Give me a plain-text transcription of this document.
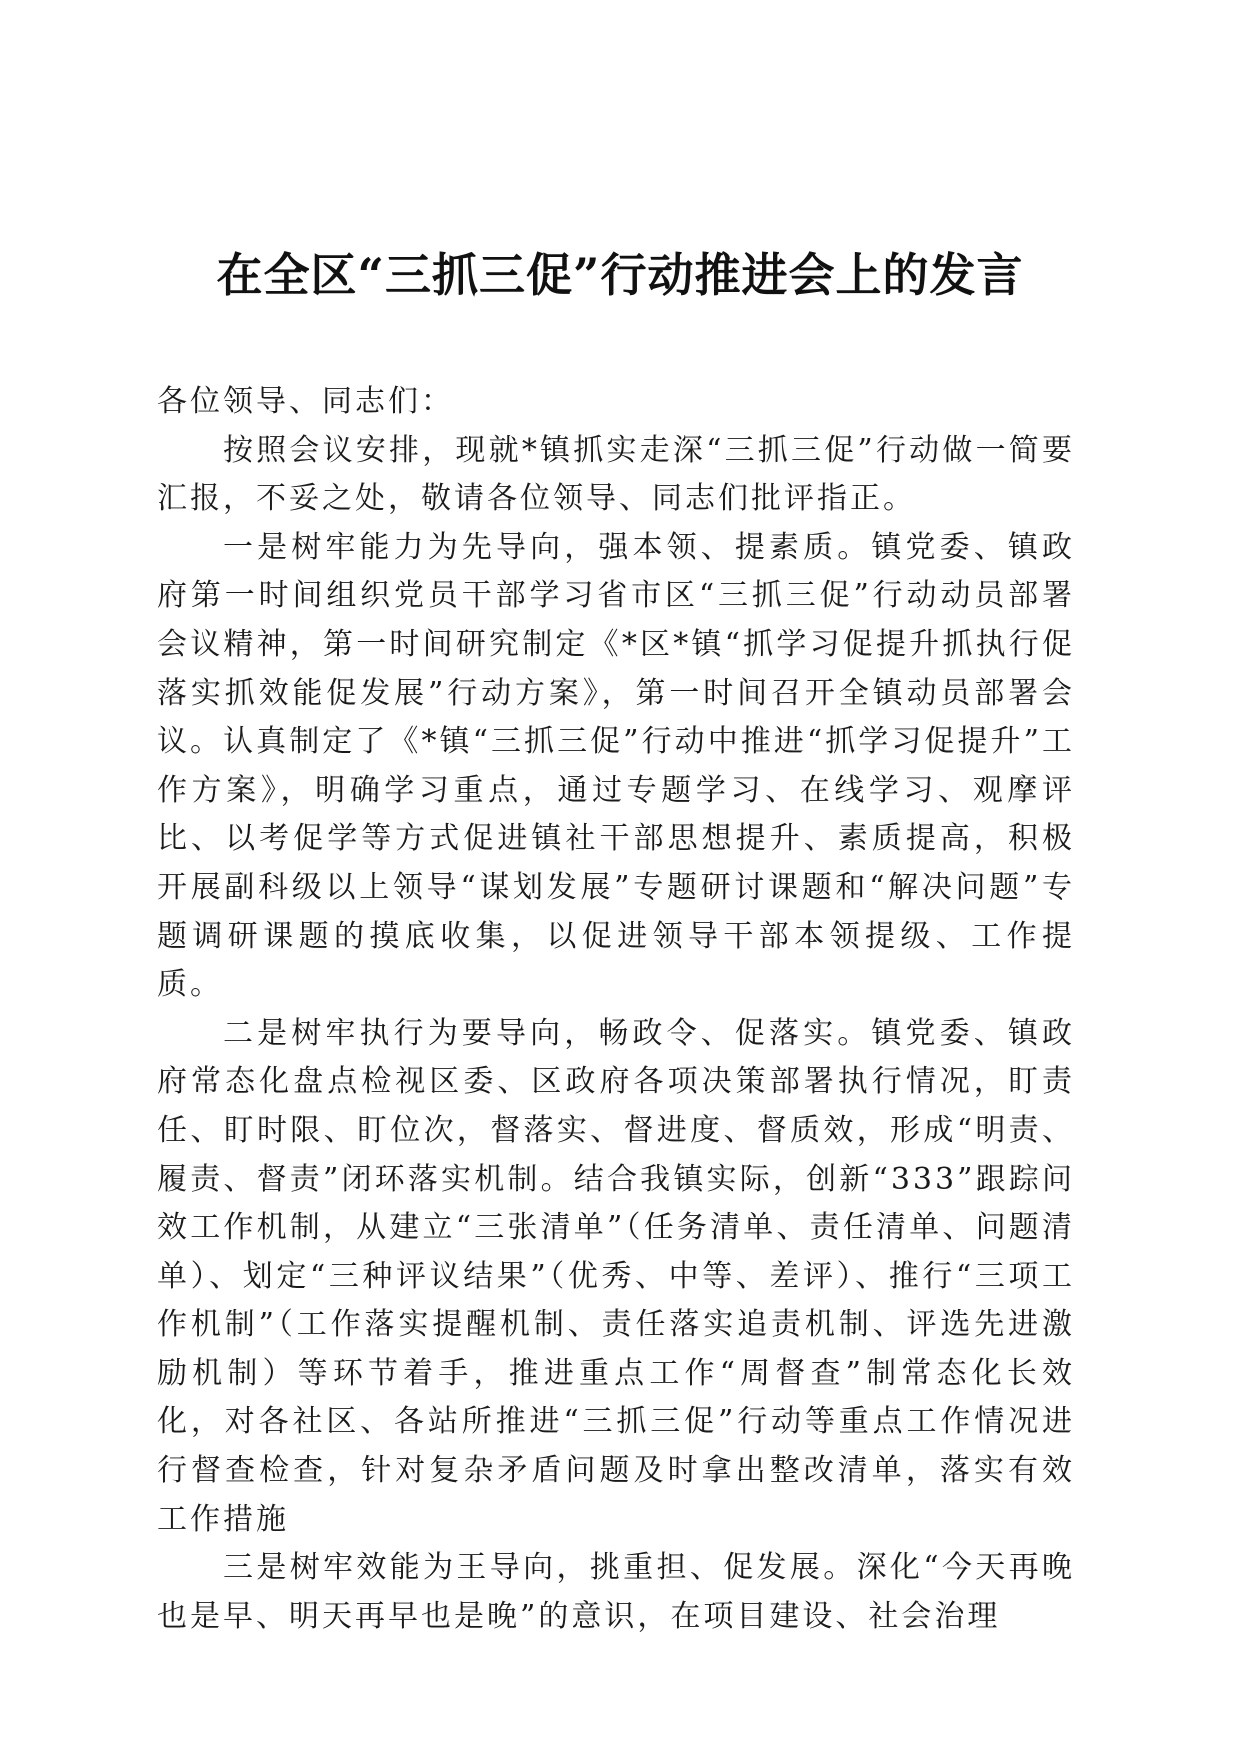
在全区“三抓三促”行动推进会上的发言

各位领导、同志们：

按照会议安排，现就*镇抓实走深“三抓三促”行动做一简要汇报，不妥之处，敬请各位领导、同志们批评指正。

一是树牢能力为先导向，强本领、提素质。镇党委、镇政府第一时间组织党员干部学习省市区“三抓三促”行动动员部署会议精神，第一时间研究制定《*区*镇“抓学习促提升抓执行促落实抓效能促发展”行动方案》，第一时间召开全镇动员部署会议。认真制定了《*镇“三抓三促”行动中推进“抓学习促提升”工作方案》，明确学习重点，通过专题学习、在线学习、观摩评比、以考促学等方式促进镇社干部思想提升、素质提高，积极开展副科级以上领导“谋划发展”专题研讨课题和“解决问题”专题调研课题的摸底收集，以促进领导干部本领提级、工作提质。

二是树牢执行为要导向，畅政令、促落实。镇党委、镇政府常态化盘点检视区委、区政府各项决策部署执行情况，盯责任、盯时限、盯位次，督落实、督进度、督质效，形成“明责、履责、督责”闭环落实机制。结合我镇实际，创新“333”跟踪问效工作机制，从建立“三张清单”（任务清单、责任清单、问题清单）、划定“三种评议结果”（优秀、中等、差评）、推行“三项工作机制”（工作落实提醒机制、责任落实追责机制、评选先进激励机制）等环节着手，推进重点工作“周督查”制常态化长效化，对各社区、各站所推进“三抓三促”行动等重点工作情况进行督查检查，针对复杂矛盾问题及时拿出整改清单，落实有效工作措施

三是树牢效能为王导向，挑重担、促发展。深化“今天再晚也是早、明天再早也是晚”的意识，在项目建设、社会治理
